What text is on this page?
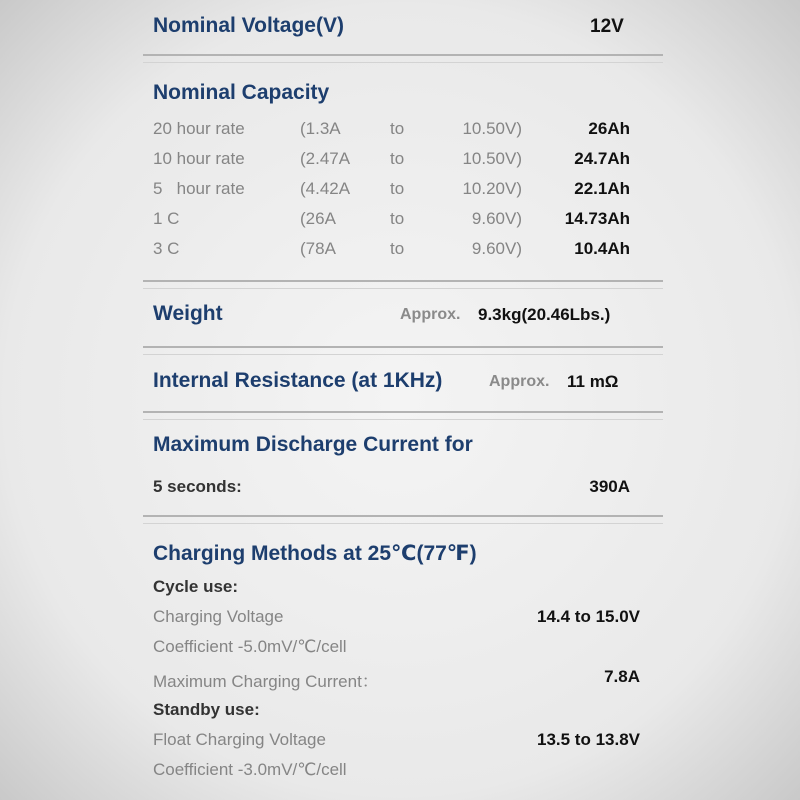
Nominal Voltage(V)	12V
Nominal Capacity
20 hour rate	(1.3A	to	10.50V)	26Ah
10 hour rate	(2.47A to	10.50V)	24.7Ah
5   hour rate	(4.42A to	10.20V)	22.1Ah
1 C	(26A	to	9.60V)	14.73Ah
3 C	(78A	to	9.60V)	10.4Ah
Weight	Approx. 9.3kg(20.46Lbs.)
Internal Resistance (at 1KHz)	Approx. 11 mΩ
Maximum Discharge Current for
5 seconds:	390A
Charging Methods at 25℃(77℉)
Cycle use:
Charging Voltage	14.4 to 15.0V
Coefficient -5.0mV/℃/cell
Maximum Charging Current：	7.8A
Standby use:
Float Charging Voltage	13.5 to 13.8V
Coefficient -3.0mV/℃/cell
